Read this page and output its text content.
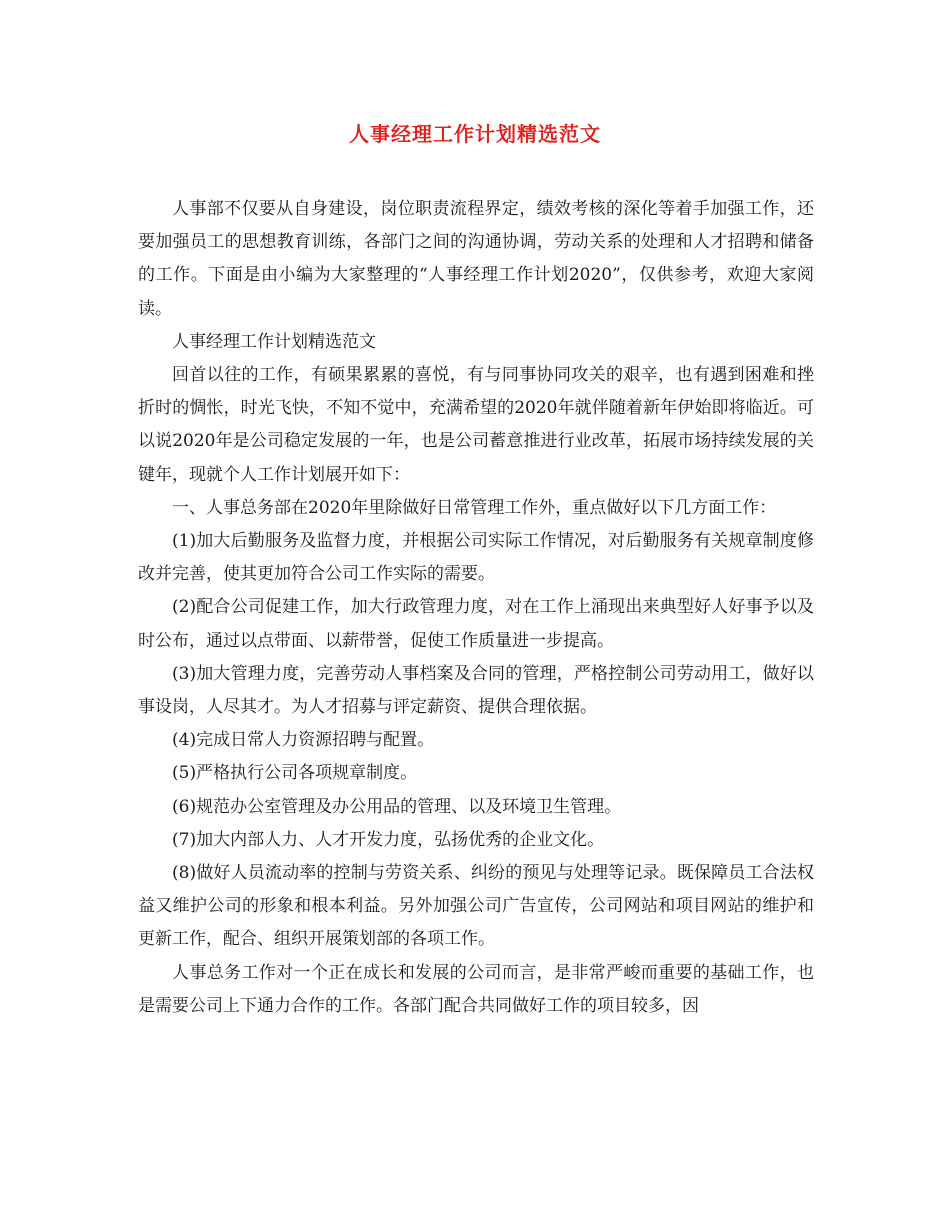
人事经理工作计划精选范文

人事部不仅要从自身建设，岗位职责流程界定，绩效考核的深化等着手加强工作，还要加强员工的思想教育训练，各部门之间的沟通协调，劳动关系的处理和人才招聘和储备的工作。下面是由小编为大家整理的“人事经理工作计划2020”，仅供参考，欢迎大家阅读。

人事经理工作计划精选范文

回首以往的工作，有硕果累累的喜悦，有与同事协同攻关的艰辛，也有遇到困难和挫折时的惆怅，时光飞快，不知不觉中，充满希望的2020年就伴随着新年伊始即将临近。可以说2020年是公司稳定发展的一年，也是公司蓄意推进行业改革，拓展市场持续发展的关键年，现就个人工作计划展开如下：

一、人事总务部在2020年里除做好日常管理工作外，重点做好以下几方面工作：

(1)加大后勤服务及监督力度，并根据公司实际工作情况，对后勤服务有关规章制度修改并完善，使其更加符合公司工作实际的需要。

(2)配合公司促建工作，加大行政管理力度，对在工作上涌现出来典型好人好事予以及时公布，通过以点带面、以薪带誉，促使工作质量进一步提高。

(3)加大管理力度，完善劳动人事档案及合同的管理，严格控制公司劳动用工，做好以事设岗，人尽其才。为人才招募与评定薪资、提供合理依据。

(4)完成日常人力资源招聘与配置。

(5)严格执行公司各项规章制度。

(6)规范办公室管理及办公用品的管理、以及环境卫生管理。

(7)加大内部人力、人才开发力度，弘扬优秀的企业文化。

(8)做好人员流动率的控制与劳资关系、纠纷的预见与处理等记录。既保障员工合法权益又维护公司的形象和根本利益。另外加强公司广告宣传，公司网站和项目网站的维护和更新工作，配合、组织开展策划部的各项工作。

人事总务工作对一个正在成长和发展的公司而言，是非常严峻而重要的基础工作，也是需要公司上下通力合作的工作。各部门配合共同做好工作的项目较多，因
